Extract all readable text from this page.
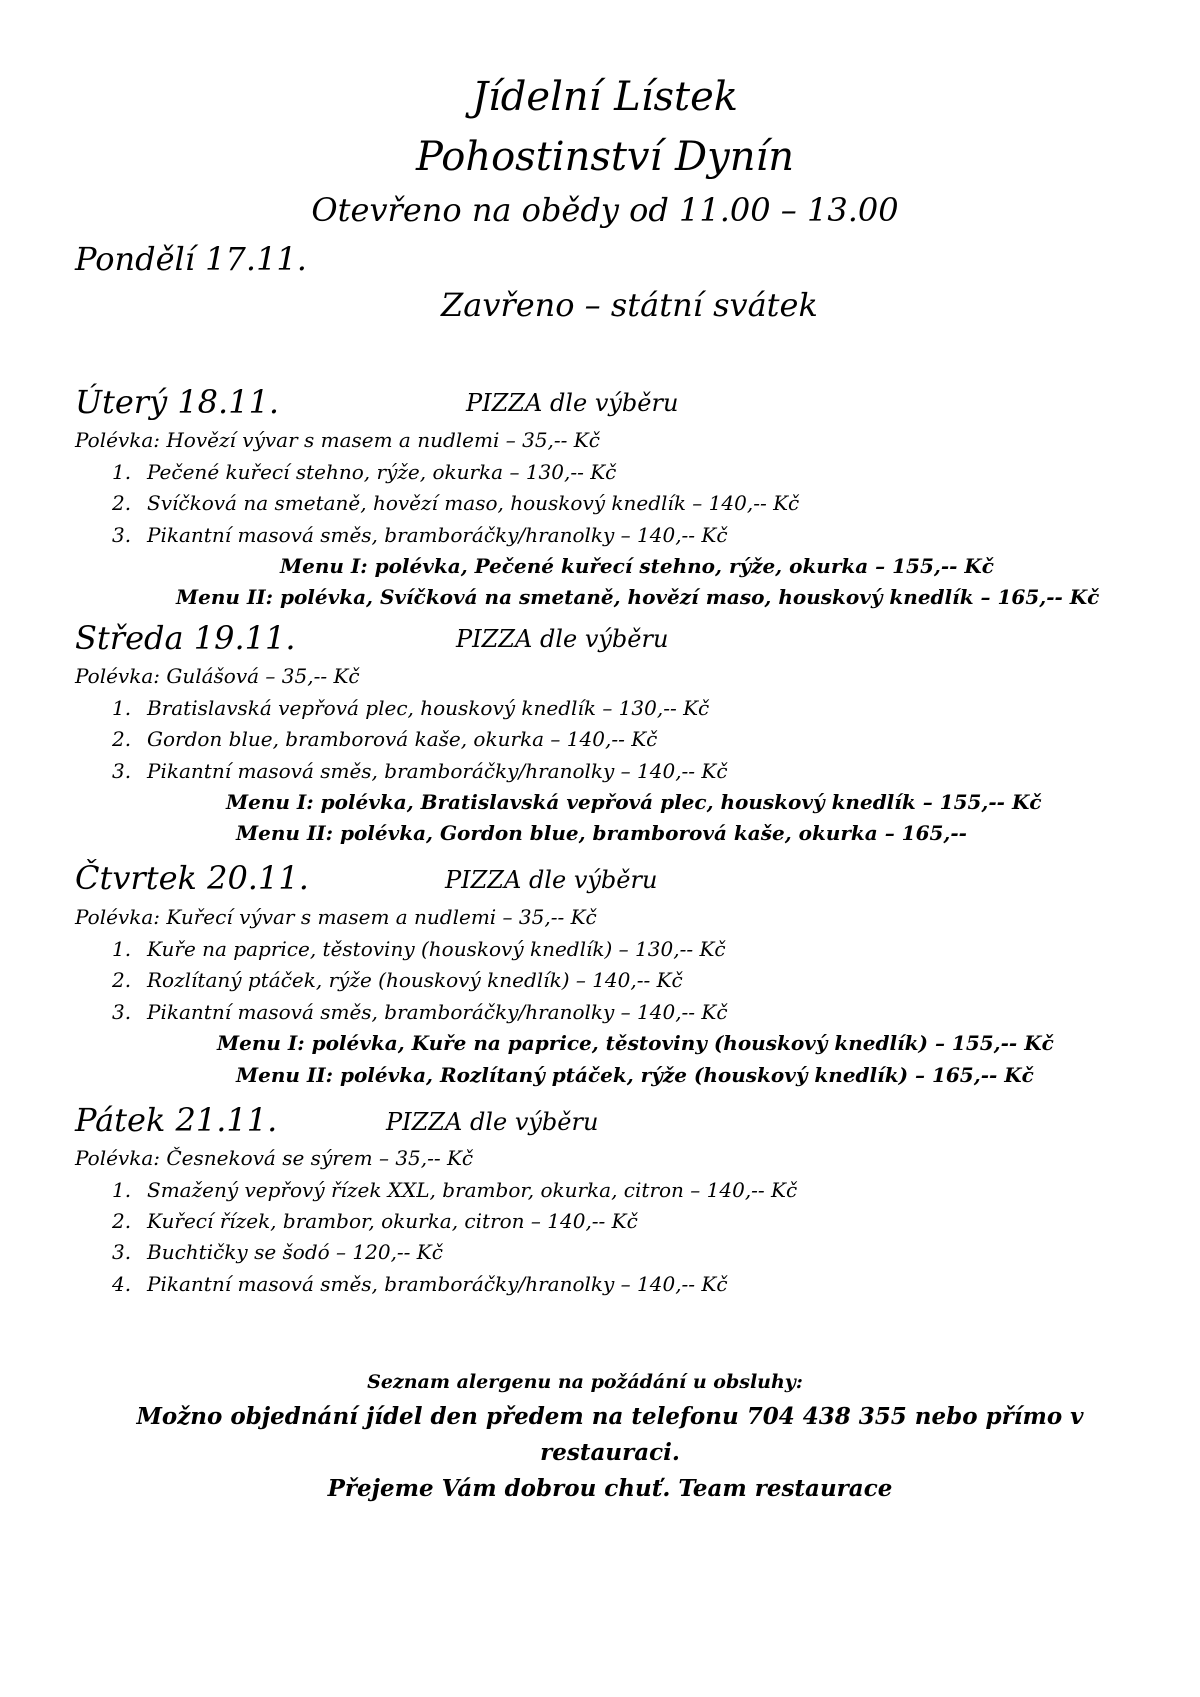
Jídelní Lístek
Pohostinství Dynín
Otevřeno na obědy od 11.00 – 13.00
Pondělí 17.11.
Zavřeno – státní svátek
Úterý 18.11.	PIZZA dle výběru
Polévka: Hovězí vývar s masem a nudlemi – 35,-- Kč
1. Pečené kuřecí stehno, rýže, okurka – 130,-- Kč
2. Svíčková na smetaně, hovězí maso, houskový knedlík – 140,-- Kč
3. Pikantní masová směs, bramboráčky/hranolky – 140,-- Kč
Menu I: polévka, Pečené kuřecí stehno, rýže, okurka – 155,-- Kč
Menu II: polévka, Svíčková na smetaně, hovězí maso, houskový knedlík – 165,-- Kč
Středa 19.11.	PIZZA dle výběru
Polévka: Gulášová – 35,-- Kč
1. Bratislavská vepřová plec, houskový knedlík – 130,-- Kč
2. Gordon blue, bramborová kaše, okurka – 140,-- Kč
3. Pikantní masová směs, bramboráčky/hranolky – 140,-- Kč
Menu I: polévka, Bratislavská vepřová plec, houskový knedlík – 155,-- Kč
Menu II: polévka, Gordon blue, bramborová kaše, okurka – 165,--
Čtvrtek 20.11.	PIZZA dle výběru
Polévka: Kuřecí vývar s masem a nudlemi – 35,-- Kč
1. Kuře na paprice, těstoviny (houskový knedlík) – 130,-- Kč
2. Rozlítaný ptáček, rýže (houskový knedlík) – 140,-- Kč
3. Pikantní masová směs, bramboráčky/hranolky – 140,-- Kč
Menu I: polévka, Kuře na paprice, těstoviny (houskový knedlík) – 155,-- Kč
Menu II: polévka, Rozlítaný ptáček, rýže (houskový knedlík) – 165,-- Kč
Pátek 21.11.	PIZZA dle výběru
Polévka: Česneková se sýrem – 35,-- Kč
1. Smažený vepřový řízek XXL, brambor, okurka, citron – 140,-- Kč
2. Kuřecí řízek, brambor, okurka, citron – 140,-- Kč
3. Buchtičky se šodó – 120,-- Kč
4. Pikantní masová směs, bramboráčky/hranolky – 140,-- Kč
Seznam alergenu na požádání u obsluhy:
Možno objednání jídel den předem na telefonu 704 438 355 nebo přímo v
restauraci.
Přejeme Vám dobrou chuť. Team restaurace
